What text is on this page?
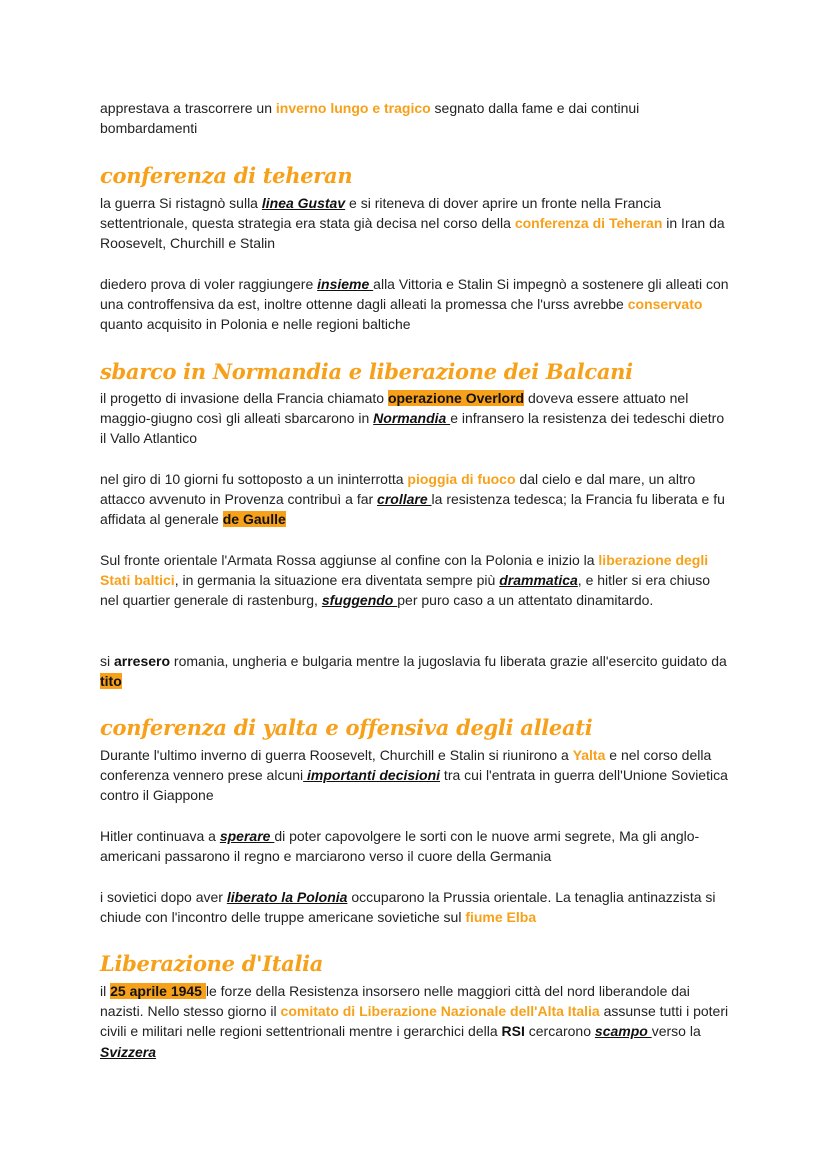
apprestava a trascorrere un inverno lungo e tragico segnato dalla fame e dai continui bombardamenti

conferenza di teheran

la guerra Si ristagnò sulla linea Gustav e si riteneva di dover aprire un fronte nella Francia settentrionale, questa strategia era stata già decisa nel corso della conferenza di Teheran in Iran da Roosevelt, Churchill e Stalin

diedero prova di voler raggiungere insieme alla Vittoria e Stalin Si impegnò a sostenere gli alleati con una controffensiva da est, inoltre ottenne dagli alleati la promessa che l'urss avrebbe conservato quanto acquisito in Polonia e nelle regioni baltiche

sbarco in Normandia e liberazione dei Balcani

il progetto di invasione della Francia chiamato operazione Overlord doveva essere attuato nel maggio-giugno così gli alleati sbarcarono in Normandia e infransero la resistenza dei tedeschi dietro il Vallo Atlantico

nel giro di 10 giorni fu sottoposto a un ininterrotta pioggia di fuoco dal cielo e dal mare, un altro attacco avvenuto in Provenza contribuì a far crollare la resistenza tedesca; la Francia fu liberata e fu affidata al generale de Gaulle

Sul fronte orientale l'Armata Rossa aggiunse al confine con la Polonia e inizio la liberazione degli Stati baltici, in germania la situazione era diventata sempre più drammatica, e hitler si era chiuso nel quartier generale di rastenburg, sfuggendo per puro caso a un attentato dinamitardo.

si arresero romania, ungheria e bulgaria mentre la jugoslavia fu liberata grazie all'esercito guidato da tito

conferenza di yalta e offensiva degli alleati

Durante l'ultimo inverno di guerra Roosevelt, Churchill e Stalin si riunirono a Yalta e nel corso della conferenza vennero prese alcuni importanti decisioni tra cui l'entrata in guerra dell'Unione Sovietica contro il Giappone

Hitler continuava a sperare di poter capovolgere le sorti con le nuove armi segrete, Ma gli anglo-americani passarono il regno e marciarono verso il cuore della Germania

i sovietici dopo aver liberato la Polonia occuparono la Prussia orientale. La tenaglia antinazzista si chiude con l'incontro delle truppe americane sovietiche sul fiume Elba

Liberazione d'Italia

il 25 aprile 1945 le forze della Resistenza insorsero nelle maggiori città del nord liberandole dai nazisti. Nello stesso giorno il comitato di Liberazione Nazionale dell'Alta Italia assunse tutti i poteri civili e militari nelle regioni settentrionali mentre i gerarchici della RSI cercarono scampo verso la Svizzera
